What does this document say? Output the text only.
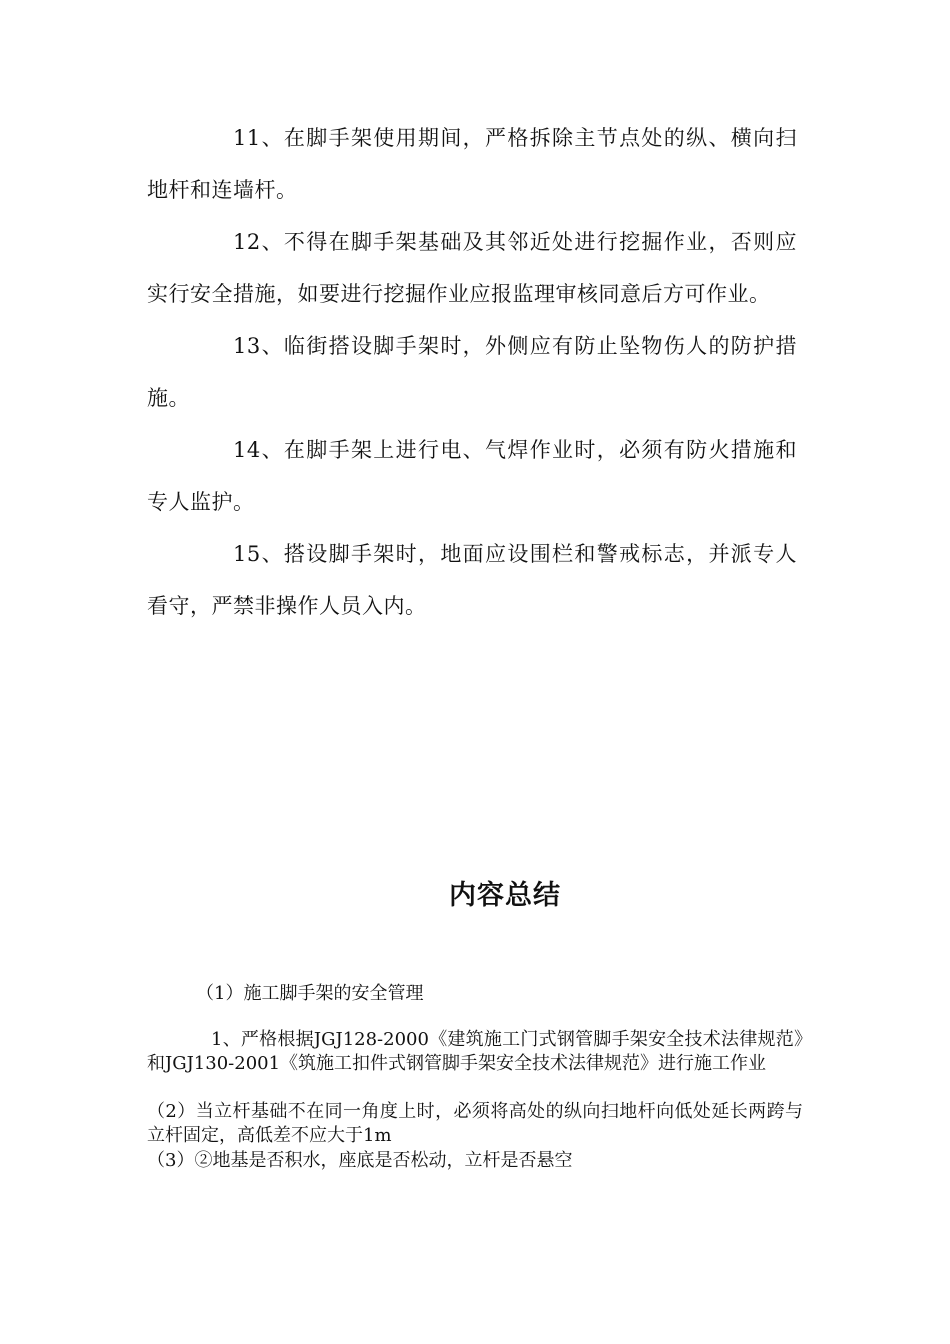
11、在脚手架使用期间，严格拆除主节点处的纵、横向扫地杆和连墙杆。

12、不得在脚手架基础及其邻近处进行挖掘作业，否则应实行安全措施，如要进行挖掘作业应报监理审核同意后方可作业。

13、临街搭设脚手架时，外侧应有防止坠物伤人的防护措施。

14、在脚手架上进行电、气焊作业时，必须有防火措施和专人监护。

15、搭设脚手架时，地面应设围栏和警戒标志，并派专人看守，严禁非操作人员入内。

内容总结

（1）施工脚手架的安全管理

1、严格根据JGJ128-2000《建筑施工门式钢管脚手架安全技术法律规范》和JGJ130-2001《筑施工扣件式钢管脚手架安全技术法律规范》进行施工作业

（2）当立杆基础不在同一角度上时，必须将高处的纵向扫地杆向低处延长两跨与立杆固定，高低差不应大于1m

（3）②地基是否积水，座底是否松动，立杆是否悬空
